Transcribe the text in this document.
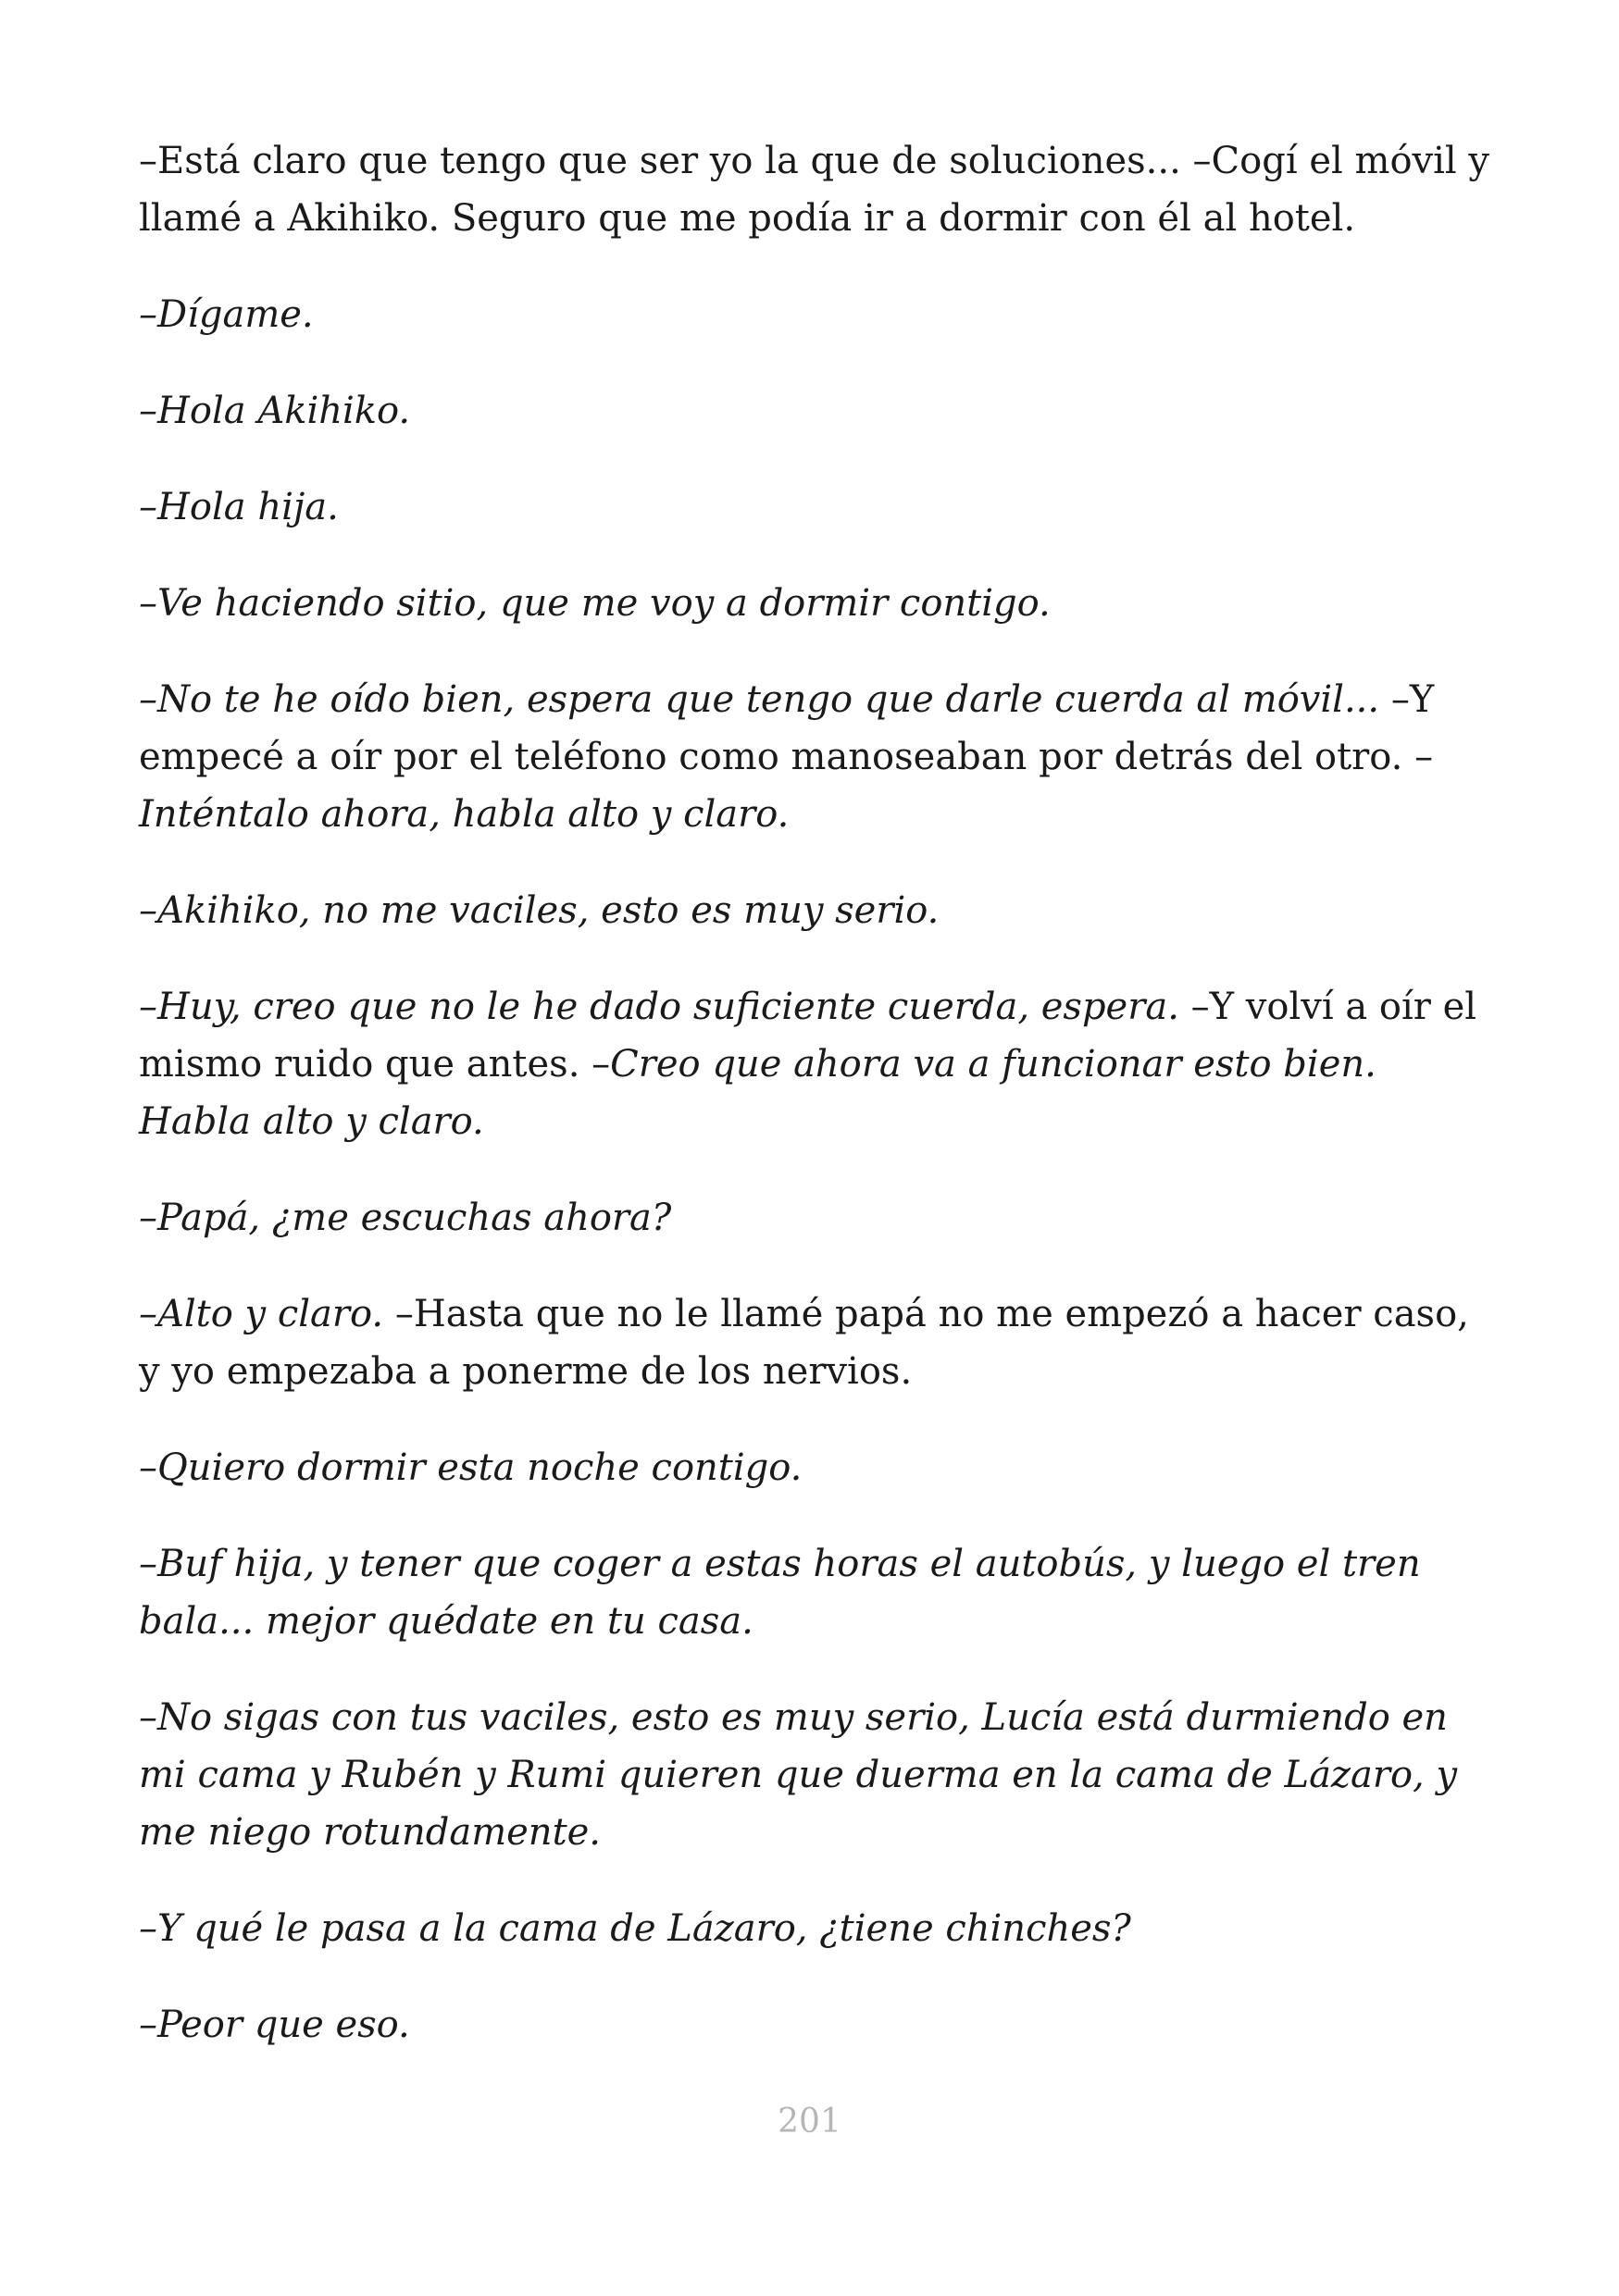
–Está claro que tengo que ser yo la que de soluciones... –Cogí el móvil y llamé a Akihiko. Seguro que me podía ir a dormir con él al hotel.

–Dígame.

–Hola Akihiko.

–Hola hija.

–Ve haciendo sitio, que me voy a dormir contigo.

–No te he oído bien, espera que tengo que darle cuerda al móvil... –Y empecé a oír por el teléfono como manoseaban por detrás del otro. –Inténtalo ahora, habla alto y claro.

–Akihiko, no me vaciles, esto es muy serio.

–Huy, creo que no le he dado suficiente cuerda, espera. –Y volví a oír el mismo ruido que antes. –Creo que ahora va a funcionar esto bien. Habla alto y claro.

–Papá, ¿me escuchas ahora?

–Alto y claro. –Hasta que no le llamé papá no me empezó a hacer caso, y yo empezaba a ponerme de los nervios.

–Quiero dormir esta noche contigo.

–Buf hija, y tener que coger a estas horas el autobús, y luego el tren bala... mejor quédate en tu casa.

–No sigas con tus vaciles, esto es muy serio, Lucía está durmiendo en mi cama y Rubén y Rumi quieren que duerma en la cama de Lázaro, y me niego rotundamente.

–Y qué le pasa a la cama de Lázaro, ¿tiene chinches?

–Peor que eso.

201
